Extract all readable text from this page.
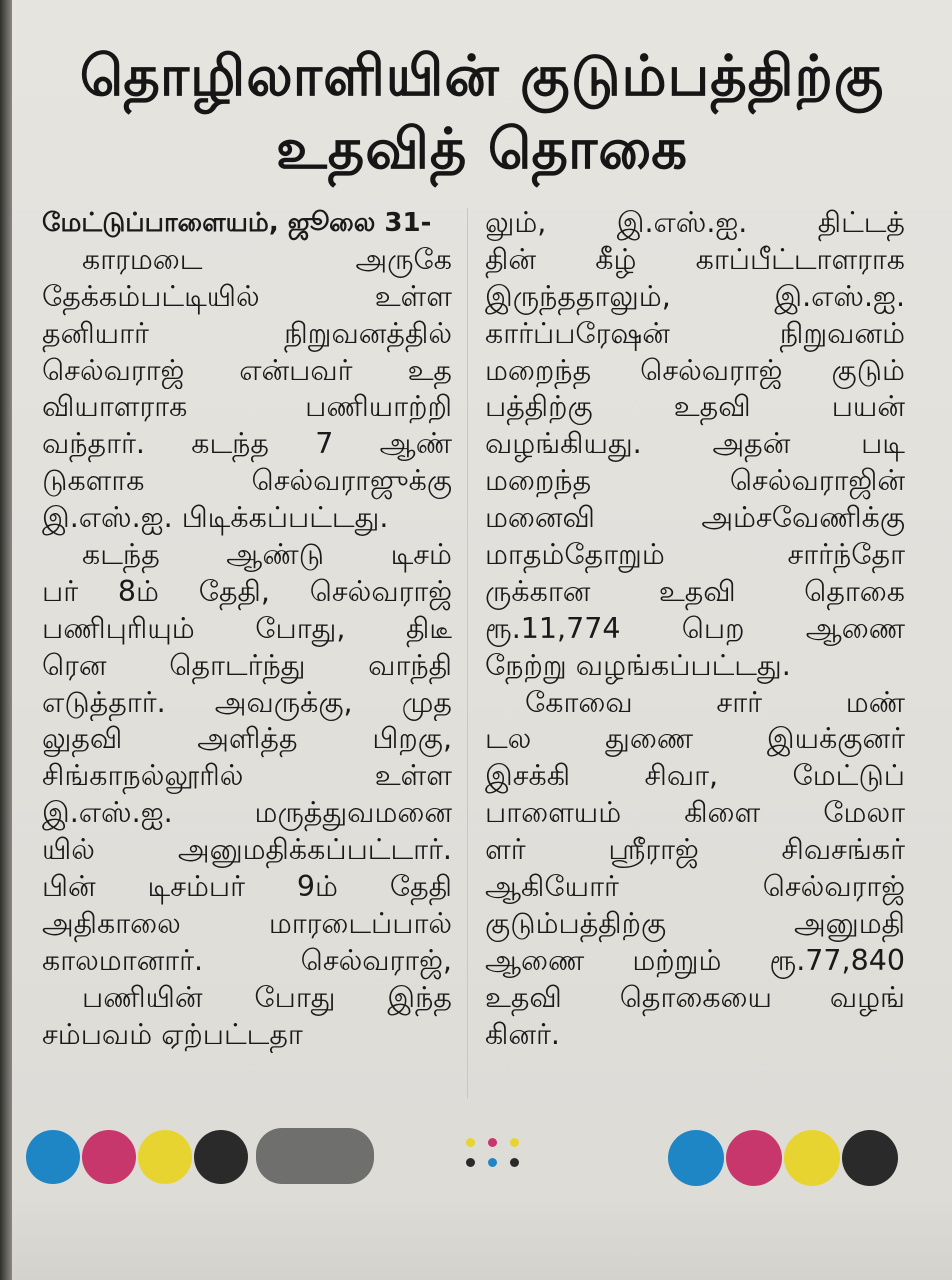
தொழிலாளியின் குடும்பத்திற்கு
உதவித் தொகை
மேட்டுப்பாளையம், ஜூலை 31-
காரமடை அருகே
தேக்கம்பட்டியில் உள்ள
தனியார் நிறுவனத்தில்
செல்வராஜ் என்பவர் உத
வியாளராக பணியாற்றி
வந்தார். கடந்த 7 ஆண்
டுகளாக செல்வராஜுக்கு
இ.எஸ்.ஐ. பிடிக்கப்பட்டது.
கடந்த ஆண்டு டிசம்
பர் 8ம் தேதி, செல்வராஜ்
பணிபுரியும் போது, திடீ
ரென தொடர்ந்து வாந்தி
எடுத்தார். அவருக்கு, முத
லுதவி அளித்த பிறகு,
சிங்காநல்லூரில் உள்ள
இ.எஸ்.ஐ. மருத்துவமனை
யில் அனுமதிக்கப்பட்டார்.
பின் டிசம்பர் 9ம் தேதி
அதிகாலை மாரடைப்பால்
காலமானார். செல்வராஜ்,
பணியின் போது இந்த
சம்பவம் ஏற்பட்டதா
லும், இ.எஸ்.ஐ. திட்டத்
தின் கீழ் காப்பீட்டாளராக
இருந்ததாலும், இ.எஸ்.ஐ.
கார்ப்பரேஷன் நிறுவனம்
மறைந்த செல்வராஜ் குடும்
பத்திற்கு உதவி பயன்
வழங்கியது. அதன் படி
மறைந்த செல்வராஜின்
மனைவி அம்சவேணிக்கு
மாதம்தோறும் சார்ந்தோ
ருக்கான உதவி தொகை
ரூ.11,774 பெற ஆணை
நேற்று வழங்கப்பட்டது.
கோவை சார் மண்
டல துணை இயக்குனர்
இசக்கி சிவா, மேட்டுப்
பாளையம் கிளை மேலா
ளர் ஸ்ரீராஜ் சிவசங்கர்
ஆகியோர் செல்வராஜ்
குடும்பத்திற்கு அனுமதி
ஆணை மற்றும் ரூ.77,840
உதவி தொகையை வழங்
கினர்.
